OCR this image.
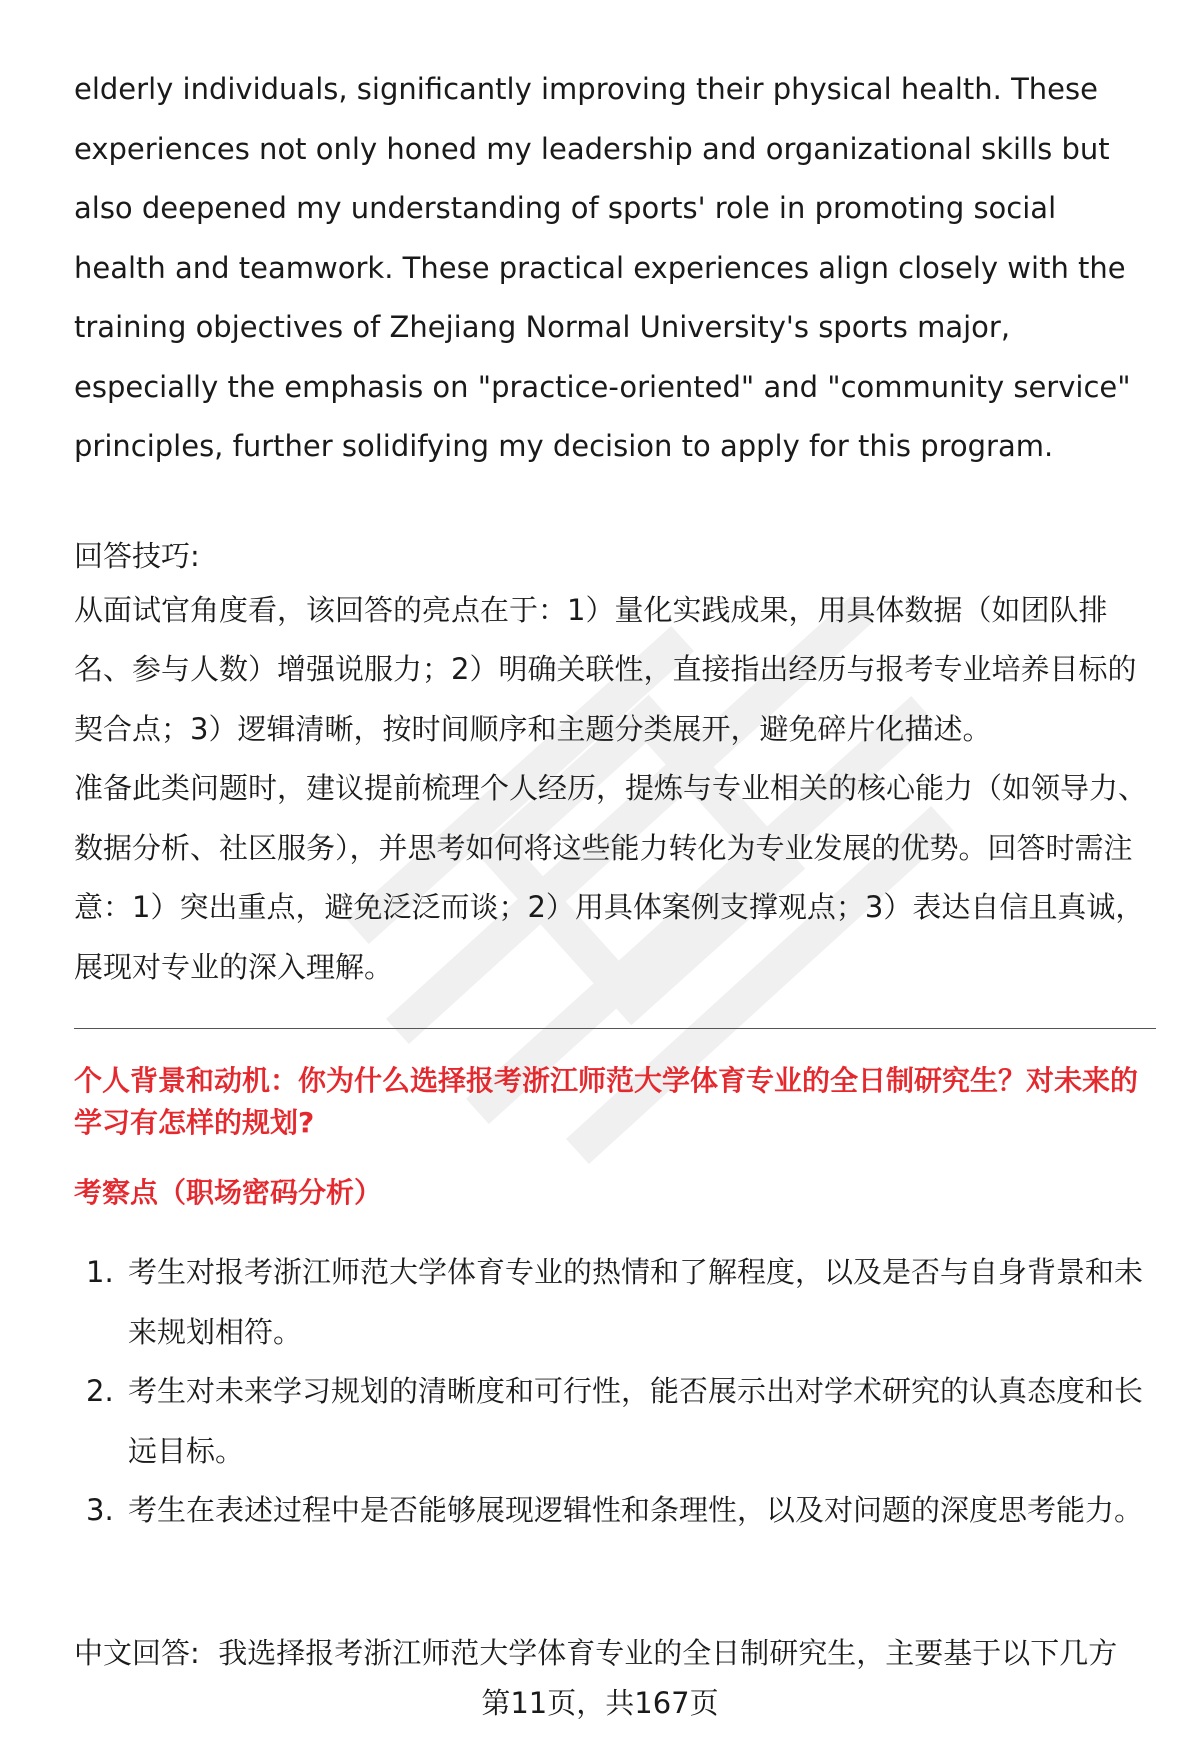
elderly individuals, significantly improving their physical health. These experiences not only honed my leadership and organizational skills but also deepened my understanding of sports' role in promoting social health and teamwork. These practical experiences align closely with the training objectives of Zhejiang Normal University's sports major, especially the emphasis on "practice-oriented" and "community service" principles, further solidifying my decision to apply for this program.

回答技巧:

从面试官角度看，该回答的亮点在于：1）量化实践成果，用具体数据（如团队排名、参与人数）增强说服力；2）明确关联性，直接指出经历与报考专业培养目标的契合点；3）逻辑清晰，按时间顺序和主题分类展开，避免碎片化描述。

准备此类问题时，建议提前梳理个人经历，提炼与专业相关的核心能力（如领导力、数据分析、社区服务），并思考如何将这些能力转化为专业发展的优势。回答时需注意：1）突出重点，避免泛泛而谈；2）用具体案例支撑观点；3）表达自信且真诚，展现对专业的深入理解。

个人背景和动机：你为什么选择报考浙江师范大学体育专业的全日制研究生？对未来的学习有怎样的规划?

考察点（职场密码分析）

1. 考生对报考浙江师范大学体育专业的热情和了解程度，以及是否与自身背景和未来规划相符。
2. 考生对未来学习规划的清晰度和可行性，能否展示出对学术研究的认真态度和长远目标。
3. 考生在表述过程中是否能够展现逻辑性和条理性，以及对问题的深度思考能力。

中文回答: 我选择报考浙江师范大学体育专业的全日制研究生，主要基于以下几方

第11页，共167页
